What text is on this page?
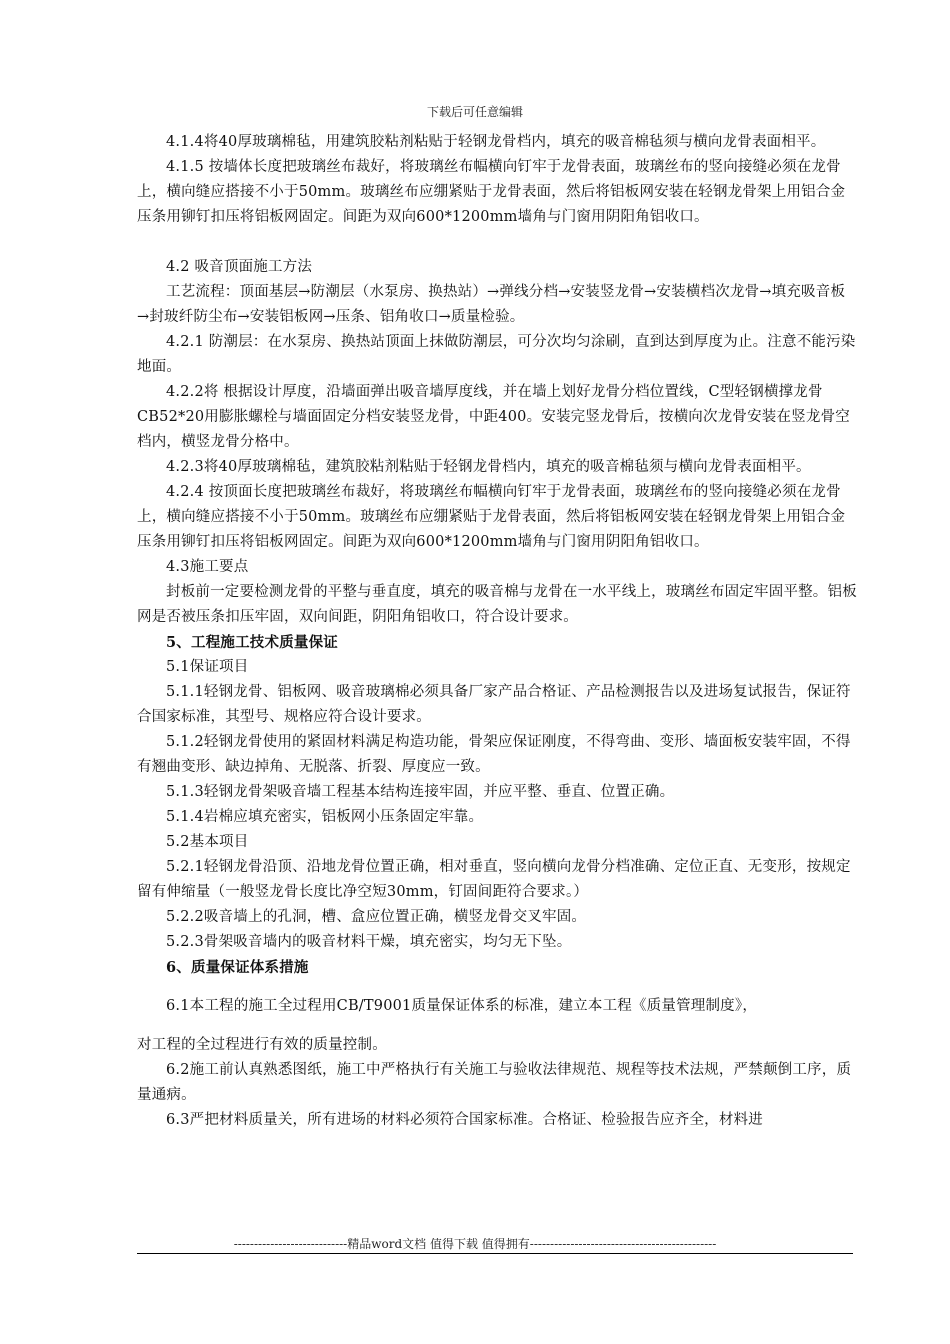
下载后可任意编辑

4.1.4将40厚玻璃棉毡，用建筑胶粘剂粘贴于轻钢龙骨档内，填充的吸音棉毡须与横向龙骨表面相平。

4.1.5 按墙体长度把玻璃丝布裁好，将玻璃丝布幅横向钉牢于龙骨表面，玻璃丝布的竖向接缝必须在龙骨上，横向缝应搭接不小于50mm。玻璃丝布应绷紧贴于龙骨表面，然后将铝板网安装在轻钢龙骨架上用铝合金压条用铆钉扣压将铝板网固定。间距为双向600*1200mm墙角与门窗用阴阳角铝收口。

4.2 吸音顶面施工方法

工艺流程：顶面基层→防潮层（水泵房、换热站）→弹线分档→安装竖龙骨→安装横档次龙骨→填充吸音板→封玻纤防尘布→安装铝板网→压条、铝角收口→质量检验。

4.2.1 防潮层：在水泵房、换热站顶面上抹做防潮层，可分次均匀涂刷，直到达到厚度为止。注意不能污染地面。

4.2.2将 根据设计厚度，沿墙面弹出吸音墙厚度线，并在墙上划好龙骨分档位置线，C型轻钢横撑龙骨CB52*20用膨胀螺栓与墙面固定分档安装竖龙骨，中距400。安装完竖龙骨后，按横向次龙骨安装在竖龙骨空档内，横竖龙骨分格中。

4.2.3将40厚玻璃棉毡，建筑胶粘剂粘贴于轻钢龙骨档内，填充的吸音棉毡须与横向龙骨表面相平。

4.2.4 按顶面长度把玻璃丝布裁好，将玻璃丝布幅横向钉牢于龙骨表面，玻璃丝布的竖向接缝必须在龙骨上，横向缝应搭接不小于50mm。玻璃丝布应绷紧贴于龙骨表面，然后将铝板网安装在轻钢龙骨架上用铝合金压条用铆钉扣压将铝板网固定。间距为双向600*1200mm墙角与门窗用阴阳角铝收口。

4.3施工要点

封板前一定要检测龙骨的平整与垂直度，填充的吸音棉与龙骨在一水平线上，玻璃丝布固定牢固平整。铝板网是否被压条扣压牢固，双向间距，阴阳角铝收口，符合设计要求。

5、工程施工技术质量保证

5.1保证项目

5.1.1轻钢龙骨、铝板网、吸音玻璃棉必须具备厂家产品合格证、产品检测报告以及进场复试报告，保证符合国家标准，其型号、规格应符合设计要求。

5.1.2轻钢龙骨使用的紧固材料满足构造功能，骨架应保证刚度，不得弯曲、变形、墙面板安装牢固，不得有翘曲变形、缺边掉角、无脱落、折裂、厚度应一致。

5.1.3轻钢龙骨架吸音墙工程基本结构连接牢固，并应平整、垂直、位置正确。

5.1.4岩棉应填充密实，铝板网小压条固定牢靠。

5.2基本项目

5.2.1轻钢龙骨沿顶、沿地龙骨位置正确，相对垂直，竖向横向龙骨分档准确、定位正直、无变形，按规定留有伸缩量（一般竖龙骨长度比净空短30mm，钉固间距符合要求。）

5.2.2吸音墙上的孔洞，槽、盒应位置正确，横竖龙骨交叉牢固。

5.2.3骨架吸音墙内的吸音材料干燥，填充密实，均匀无下坠。

6、质量保证体系措施

6.1本工程的施工全过程用CB/T9001质量保证体系的标准，建立本工程《质量管理制度》，

对工程的全过程进行有效的质量控制。

6.2施工前认真熟悉图纸，施工中严格执行有关施工与验收法律规范、规程等技术法规，严禁颠倒工序，质量通病。

6.3严把材料质量关，所有进场的材料必须符合国家标准。合格证、检验报告应齐全，材料进

----------------------------精品word文档 值得下载 值得拥有----------------------------------------------
